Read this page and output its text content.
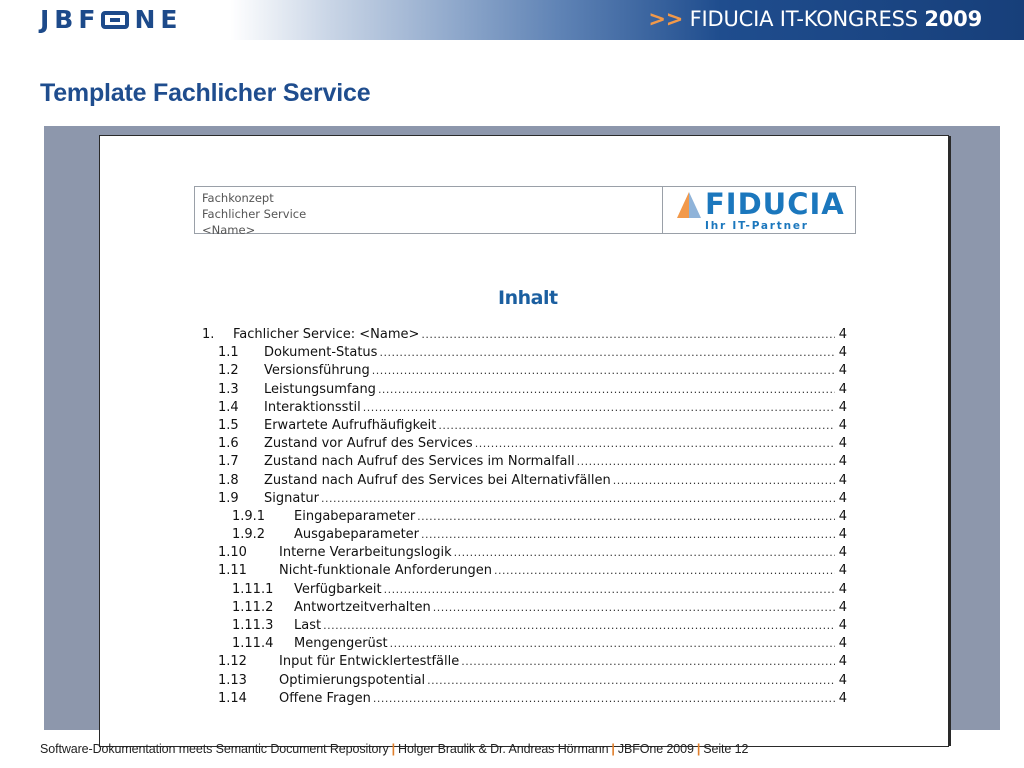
JBF NE	>> FIDUCIA IT-KONGRESS 2009
Template Fachlicher Service
Fachkonzept
Fachlicher Service
<Name>
FIDUCIA
Ihr IT-Partner
Inhalt
1.	Fachlicher Service: <Name> .....	4
1.1	Dokument-Status .....	4
1.2	Versionsführung .....	4
1.3	Leistungsumfang .....	4
1.4	Interaktionsstil .....	4
1.5	Erwartete Aufrufhäufigkeit .....	4
1.6	Zustand vor Aufruf des Services .....	4
1.7	Zustand nach Aufruf des Services im Normalfall .....	4
1.8	Zustand nach Aufruf des Services bei Alternativfällen .....	4
1.9	Signatur .....	4
1.9.1	Eingabeparameter .....	4
1.9.2	Ausgabeparameter .....	4
1.10	Interne Verarbeitungslogik .....	4
1.11	Nicht-funktionale Anforderungen .....	4
1.11.1	Verfügbarkeit .....	4
1.11.2	Antwortzeitverhalten .....	4
1.11.3	Last .....	4
1.11.4	Mengengerüst .....	4
1.12	Input für Entwicklertestfälle .....	4
1.13	Optimierungspotential .....	4
1.14	Offene Fragen .....	4
Software-Dokumentation meets Semantic Document Repository | Holger Braulik & Dr. Andreas Hörmann | JBFOne 2009 | Seite 12
